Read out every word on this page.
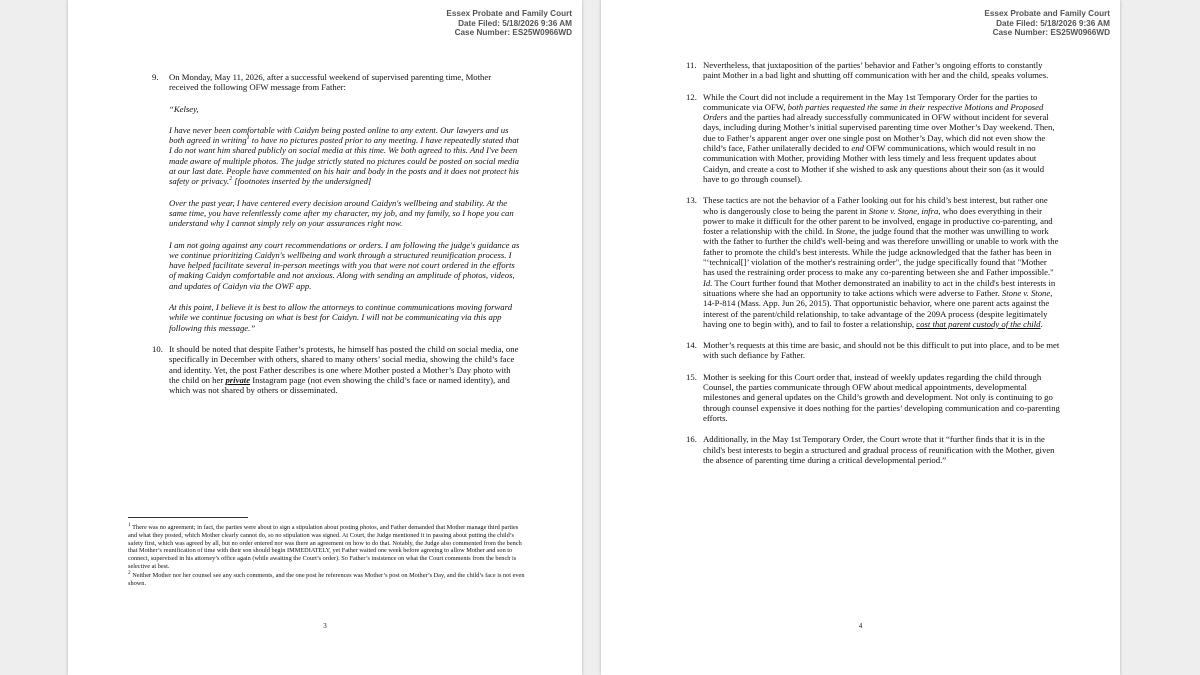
Essex Probate and Family Court
Date Filed: 5/18/2026 9:36 AM
Case Number: ES25W0966WD
9. On Monday, May 11, 2026, after a successful weekend of supervised parenting time, Mother received the following OFW message from Father:
“Kelsey,
I have never been comfortable with Caidyn being posted online to any extent. Our lawyers and us both agreed in writing$^1$ to have no pictures posted prior to any meeting. I have repeatedly stated that I do not want him shared publicly on social media at this time. We both agreed to this. And I've been made aware of multiple photos. The judge strictly stated no pictures could be posted on social media at our last date. People have commented on his hair and body in the posts and it does not protect his safety or privacy.$^2$ [footnotes inserted by the undersigned]
Over the past year, I have centered every decision around Caidyn's wellbeing and stability. At the same time, you have relentlessly come after my character, my job, and my family, so I hope you can understand why I cannot simply rely on your assurances right now.
I am not going against any court recommendations or orders. I am following the judge's guidance as we continue prioritizing Caidyn's wellbeing and work through a structured reunification process. I have helped facilitate several in-person meetings with you that were not court ordered in the efforts of making Caidyn comfortable and not anxious. Along with sending an amplitude of photos, videos, and updates of Caidyn via the OWF app.
At this point, I believe it is best to allow the attorneys to continue communications moving forward while we continue focusing on what is best for Caidyn. I will not be communicating via this app following this message.”
10. It should be noted that despite Father’s protests, he himself has posted the child on social media, one specifically in December with others, shared to many others’ social media, showing the child’s face and identity. Yet, the post Father describes is one where Mother posted a Mother’s Day photo with the child on her private Instagram page (not even showing the child’s face or named identity), and which was not shared by others or disseminated.

$^1$ There was no agreement; in fact, the parties were about to sign a stipulation about posting photos, and Father demanded that Mother manage third parties and what they posted, which Mother clearly cannot do, so no stipulation was signed. At Court, the Judge mentioned it in passing about putting the child’s safety first, which was agreed by all, but no order entered nor was there an agreement on how to do that. Notably, the Judge also commented from the bench that Mother’s reunification of time with their son should begin IMMEDIATELY, yet Father waited one week before agreeing to allow Mother and son to connect, supervised in his attorney’s office again (while awaiting the Court’s order). So Father’s insistence on what the Court comments from the bench is selective at best.

$^2$ Neither Mother nor her counsel see any such comments, and the one post he references was Mother’s post on Mother’s Day, and the child’s face is not even shown.

3
Essex Probate and Family Court
Date Filed: 5/18/2026 9:36 AM
Case Number: ES25W0966WD
11. Nevertheless, that juxtaposition of the parties’ behavior and Father’s ongoing efforts to constantly paint Mother in a bad light and shutting off communication with her and the child, speaks volumes.
12. While the Court did not include a requirement in the May 1st Temporary Order for the parties to communicate via OFW, both parties requested the same in their respective Motions and Proposed Orders and the parties had already successfully communicated in OFW without incident for several days, including during Mother’s initial supervised parenting time over Mother’s Day weekend. Then, due to Father’s apparent anger over one single post on Mother’s Day, which did not even show the child’s face, Father unilaterally decided to end OFW communications, which would result in no communication with Mother, providing Mother with less timely and less frequent updates about Caidyn, and create a cost to Mother if she wished to ask any questions about their son (as it would have to go through counsel).
13. These tactics are not the behavior of a Father looking out for his child’s best interest, but rather one who is dangerously close to being the parent in Stone v. Stone, infra, who does everything in their power to make it difficult for the other parent to be involved, engage in productive co-parenting, and foster a relationship with the child. In Stone, the judge found that the mother was unwilling to work with the father to further the child's well-being and was therefore unwilling or unable to work with the father to promote the child's best interests. While the judge acknowledged that the father has been in "‘technical[]’ violation of the mother's restraining order", the judge specifically found that "Mother has used the restraining order process to make any co-parenting between she and Father impossible." Id. The Court further found that Mother demonstrated an inability to act in the child's best interests in situations where she had an opportunity to take actions which were adverse to Father. Stone v. Stone, 14-P-814 (Mass. App. Jun 26, 2015). That opportunistic behavior, where one parent acts against the interest of the parent/child relationship, to take advantage of the 209A process (despite legitimately having one to begin with), and to fail to foster a relationship, cost that parent custody of the child.
14. Mother’s requests at this time are basic, and should not be this difficult to put into place, and to be met with such defiance by Father.
15. Mother is seeking for this Court order that, instead of weekly updates regarding the child through Counsel, the parties communicate through OFW about medical appointments, developmental milestones and general updates on the Child’s growth and development. Not only is continuing to go through counsel expensive it does nothing for the parties’ developing communication and co-parenting efforts.
16. Additionally, in the May 1st Temporary Order, the Court wrote that it “further finds that it is in the child's best interests to begin a structured and gradual process of reunification with the Mother, given the absence of parenting time during a critical developmental period.”
4
